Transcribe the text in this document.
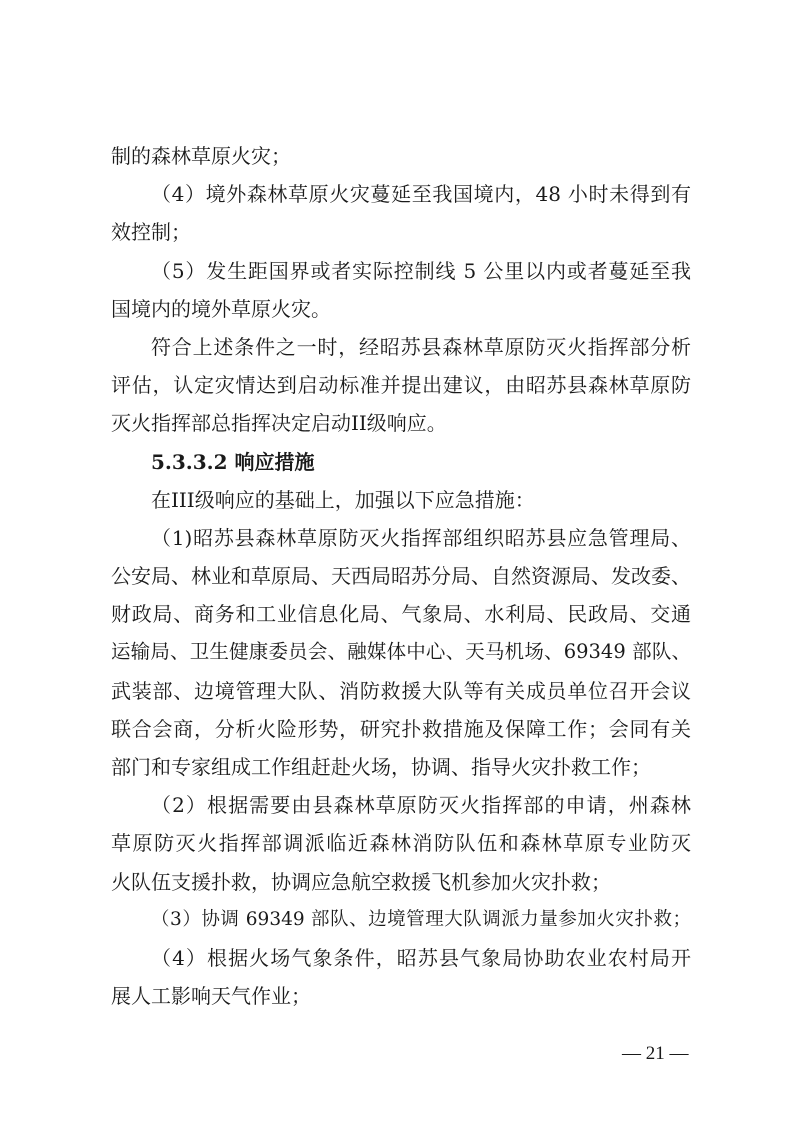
制的森林草原火灾；
（4）境外森林草原火灾蔓延至我国境内，48 小时未得到有
效控制；
（5）发生距国界或者实际控制线 5 公里以内或者蔓延至我
国境内的境外草原火灾。
符合上述条件之一时，经昭苏县森林草原防灭火指挥部分析
评估，认定灾情达到启动标准并提出建议，由昭苏县森林草原防
灭火指挥部总指挥决定启动II级响应。
5.3.3.2 响应措施
在III级响应的基础上，加强以下应急措施：
（1)昭苏县森林草原防灭火指挥部组织昭苏县应急管理局、
公安局、林业和草原局、天西局昭苏分局、自然资源局、发改委、
财政局、商务和工业信息化局、气象局、水利局、民政局、交通
运输局、卫生健康委员会、融媒体中心、天马机场、69349 部队、
武装部、边境管理大队、消防救援大队等有关成员单位召开会议
联合会商，分析火险形势，研究扑救措施及保障工作；会同有关
部门和专家组成工作组赶赴火场，协调、指导火灾扑救工作；
（2）根据需要由县森林草原防灭火指挥部的申请，州森林
草原防灭火指挥部调派临近森林消防队伍和森林草原专业防灭
火队伍支援扑救，协调应急航空救援飞机参加火灾扑救；
（3）协调 69349 部队、边境管理大队调派力量参加火灾扑救；
（4）根据火场气象条件，昭苏县气象局协助农业农村局开
展人工影响天气作业；
— 21 —
